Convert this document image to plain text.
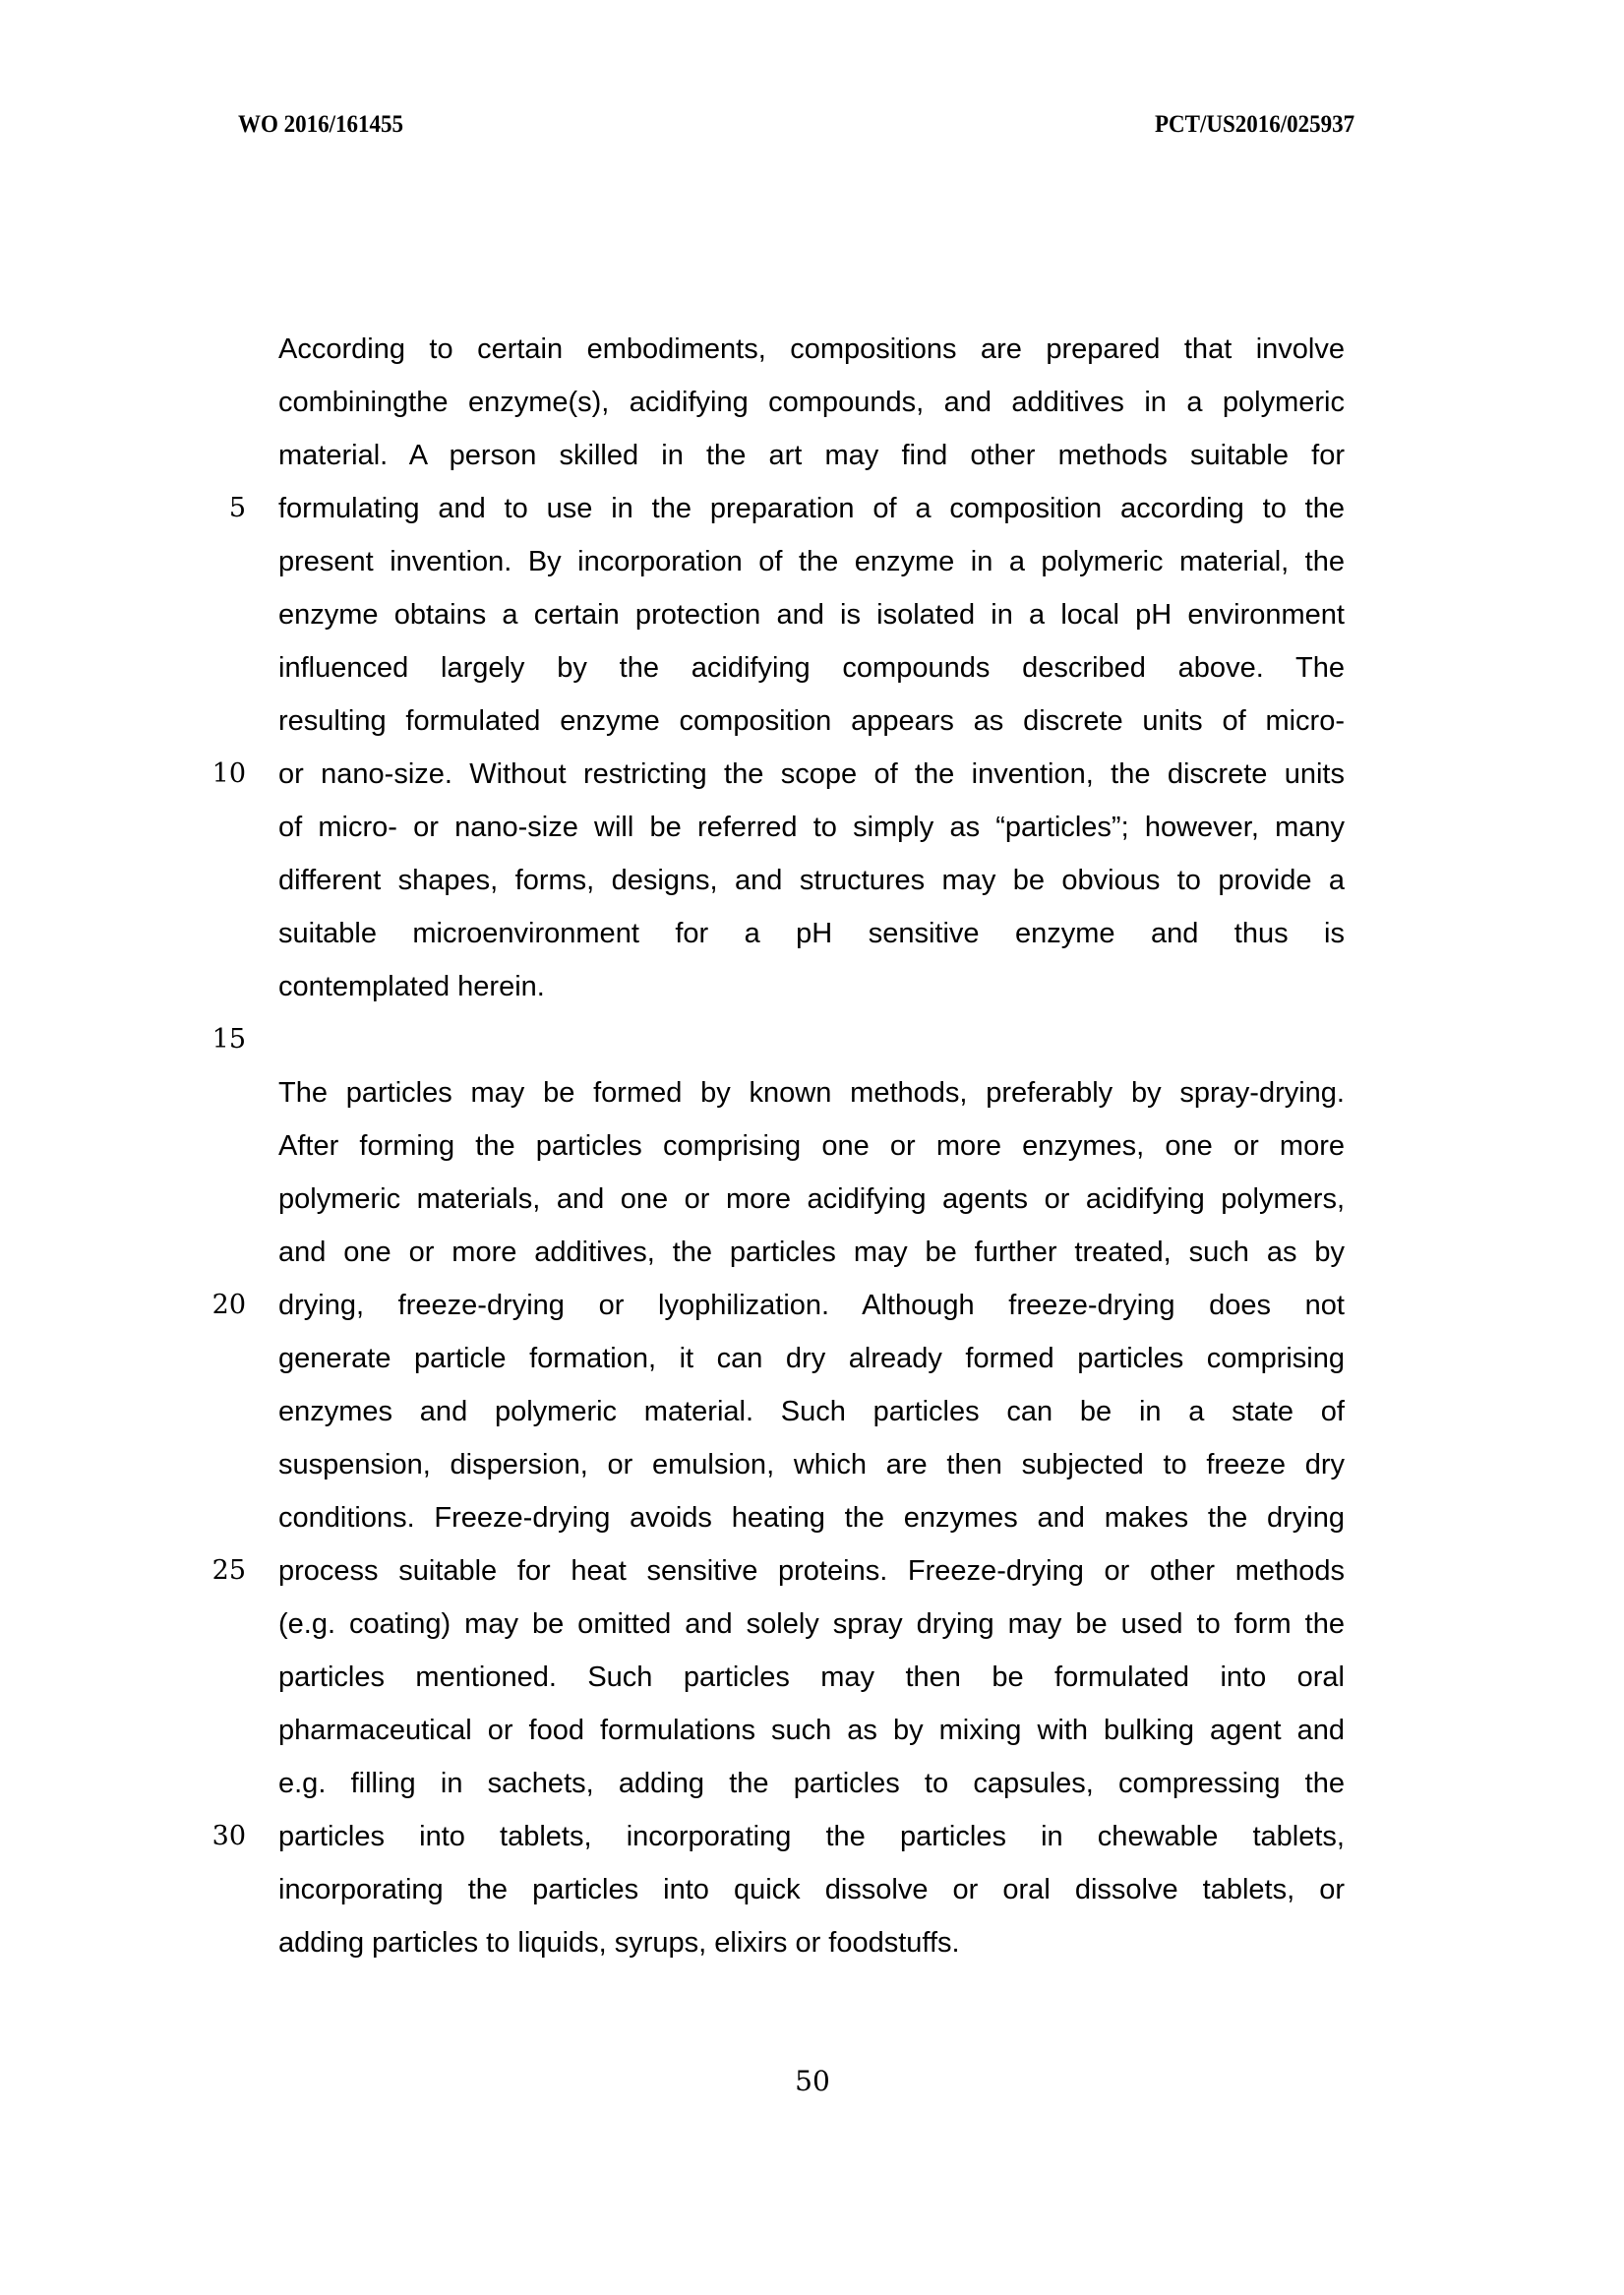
WO 2016/161455	PCT/US2016/025937
5
10
15
20
25
30
According to certain embodiments, compositions are prepared that involve
combiningthe enzyme(s), acidifying compounds, and additives in a polymeric
material. A person skilled in the art may find other methods suitable for
formulating and to use in the preparation of a composition according to the
present invention. By incorporation of the enzyme in a polymeric material, the
enzyme obtains a certain protection and is isolated in a local pH environment
influenced largely by the acidifying compounds described above. The
resulting formulated enzyme composition appears as discrete units of micro-
or nano-size. Without restricting the scope of the invention, the discrete units
of micro- or nano-size will be referred to simply as “particles”; however, many
different shapes, forms, designs, and structures may be obvious to provide a
suitable microenvironment for a pH sensitive enzyme and thus is
contemplated herein.
The particles may be formed by known methods, preferably by spray-drying.
After forming the particles comprising one or more enzymes, one or more
polymeric materials, and one or more acidifying agents or acidifying polymers,
and one or more additives, the particles may be further treated, such as by
drying, freeze-drying or lyophilization. Although freeze-drying does not
generate particle formation, it can dry already formed particles comprising
enzymes and polymeric material. Such particles can be in a state of
suspension, dispersion, or emulsion, which are then subjected to freeze dry
conditions. Freeze-drying avoids heating the enzymes and makes the drying
process suitable for heat sensitive proteins. Freeze-drying or other methods
(e.g. coating) may be omitted and solely spray drying may be used to form the
particles mentioned. Such particles may then be formulated into oral
pharmaceutical or food formulations such as by mixing with bulking agent and
e.g. filling in sachets, adding the particles to capsules, compressing the
particles into tablets, incorporating the particles in chewable tablets,
incorporating the particles into quick dissolve or oral dissolve tablets, or
adding particles to liquids, syrups, elixirs or foodstuffs.
50
